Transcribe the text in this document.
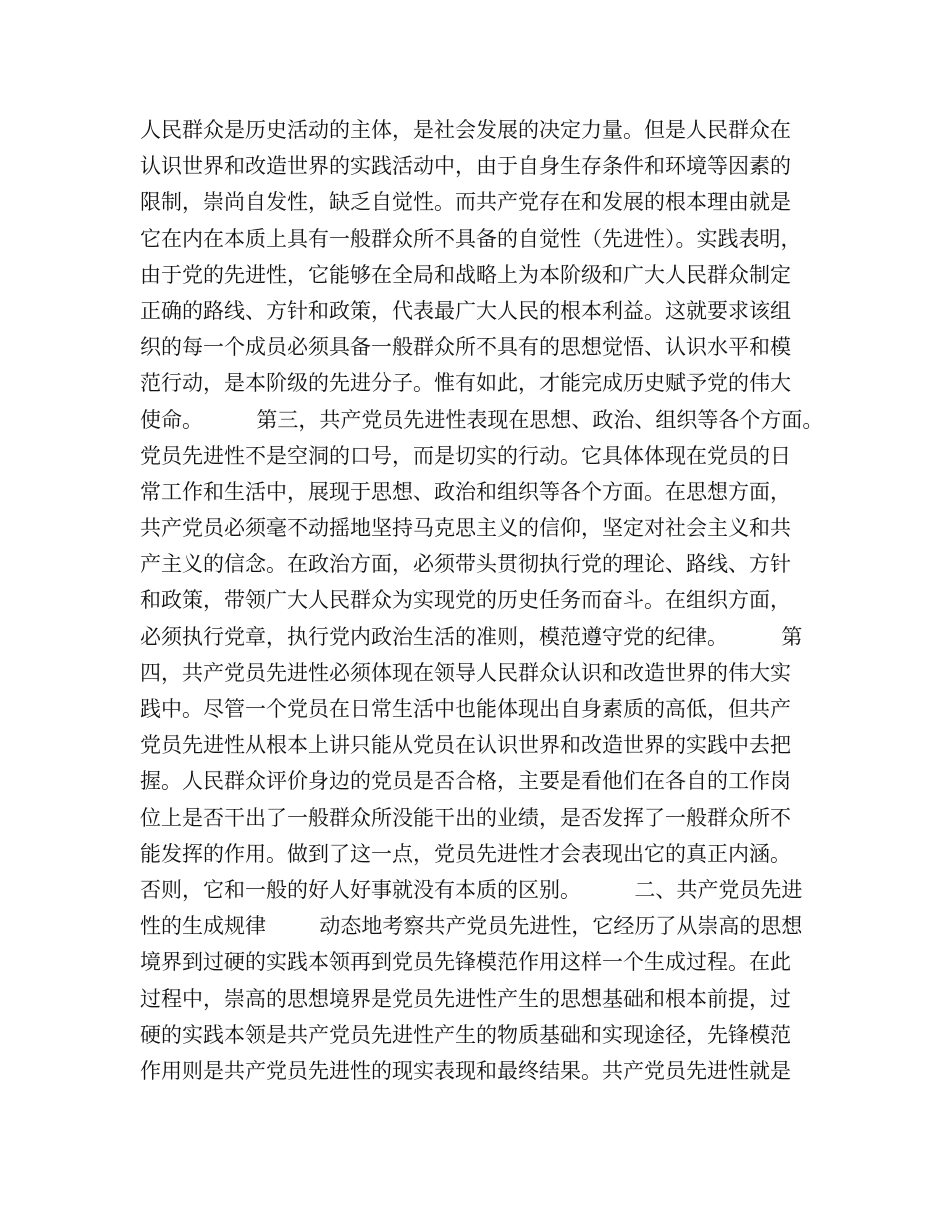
人民群众是历史活动的主体，是社会发展的决定力量。但是人民群众在
认识世界和改造世界的实践活动中，由于自身生存条件和环境等因素的
限制，崇尚自发性，缺乏自觉性。而共产党存在和发展的根本理由就是
它在内在本质上具有一般群众所不具备的自觉性（先进性）。实践表明，
由于党的先进性，它能够在全局和战略上为本阶级和广大人民群众制定
正确的路线、方针和政策，代表最广大人民的根本利益。这就要求该组
织的每一个成员必须具备一般群众所不具有的思想觉悟、认识水平和模
范行动，是本阶级的先进分子。惟有如此，才能完成历史赋予党的伟大
使命。        第三，共产党员先进性表现在思想、政治、组织等各个方面。
党员先进性不是空洞的口号，而是切实的行动。它具体体现在党员的日
常工作和生活中，展现于思想、政治和组织等各个方面。在思想方面，
共产党员必须毫不动摇地坚持马克思主义的信仰，坚定对社会主义和共
产主义的信念。在政治方面，必须带头贯彻执行党的理论、路线、方针
和政策，带领广大人民群众为实现党的历史任务而奋斗。在组织方面，
必须执行党章，执行党内政治生活的准则，模范遵守党的纪律。        第
四，共产党员先进性必须体现在领导人民群众认识和改造世界的伟大实
践中。尽管一个党员在日常生活中也能体现出自身素质的高低，但共产
党员先进性从根本上讲只能从党员在认识世界和改造世界的实践中去把
握。人民群众评价身边的党员是否合格，主要是看他们在各自的工作岗
位上是否干出了一般群众所没能干出的业绩，是否发挥了一般群众所不
能发挥的作用。做到了这一点，党员先进性才会表现出它的真正内涵。
否则，它和一般的好人好事就没有本质的区别。        二、共产党员先进
性的生成规律        动态地考察共产党员先进性，它经历了从崇高的思想
境界到过硬的实践本领再到党员先锋模范作用这样一个生成过程。在此
过程中，崇高的思想境界是党员先进性产生的思想基础和根本前提，过
硬的实践本领是共产党员先进性产生的物质基础和实现途径，先锋模范
作用则是共产党员先进性的现实表现和最终结果。共产党员先进性就是
